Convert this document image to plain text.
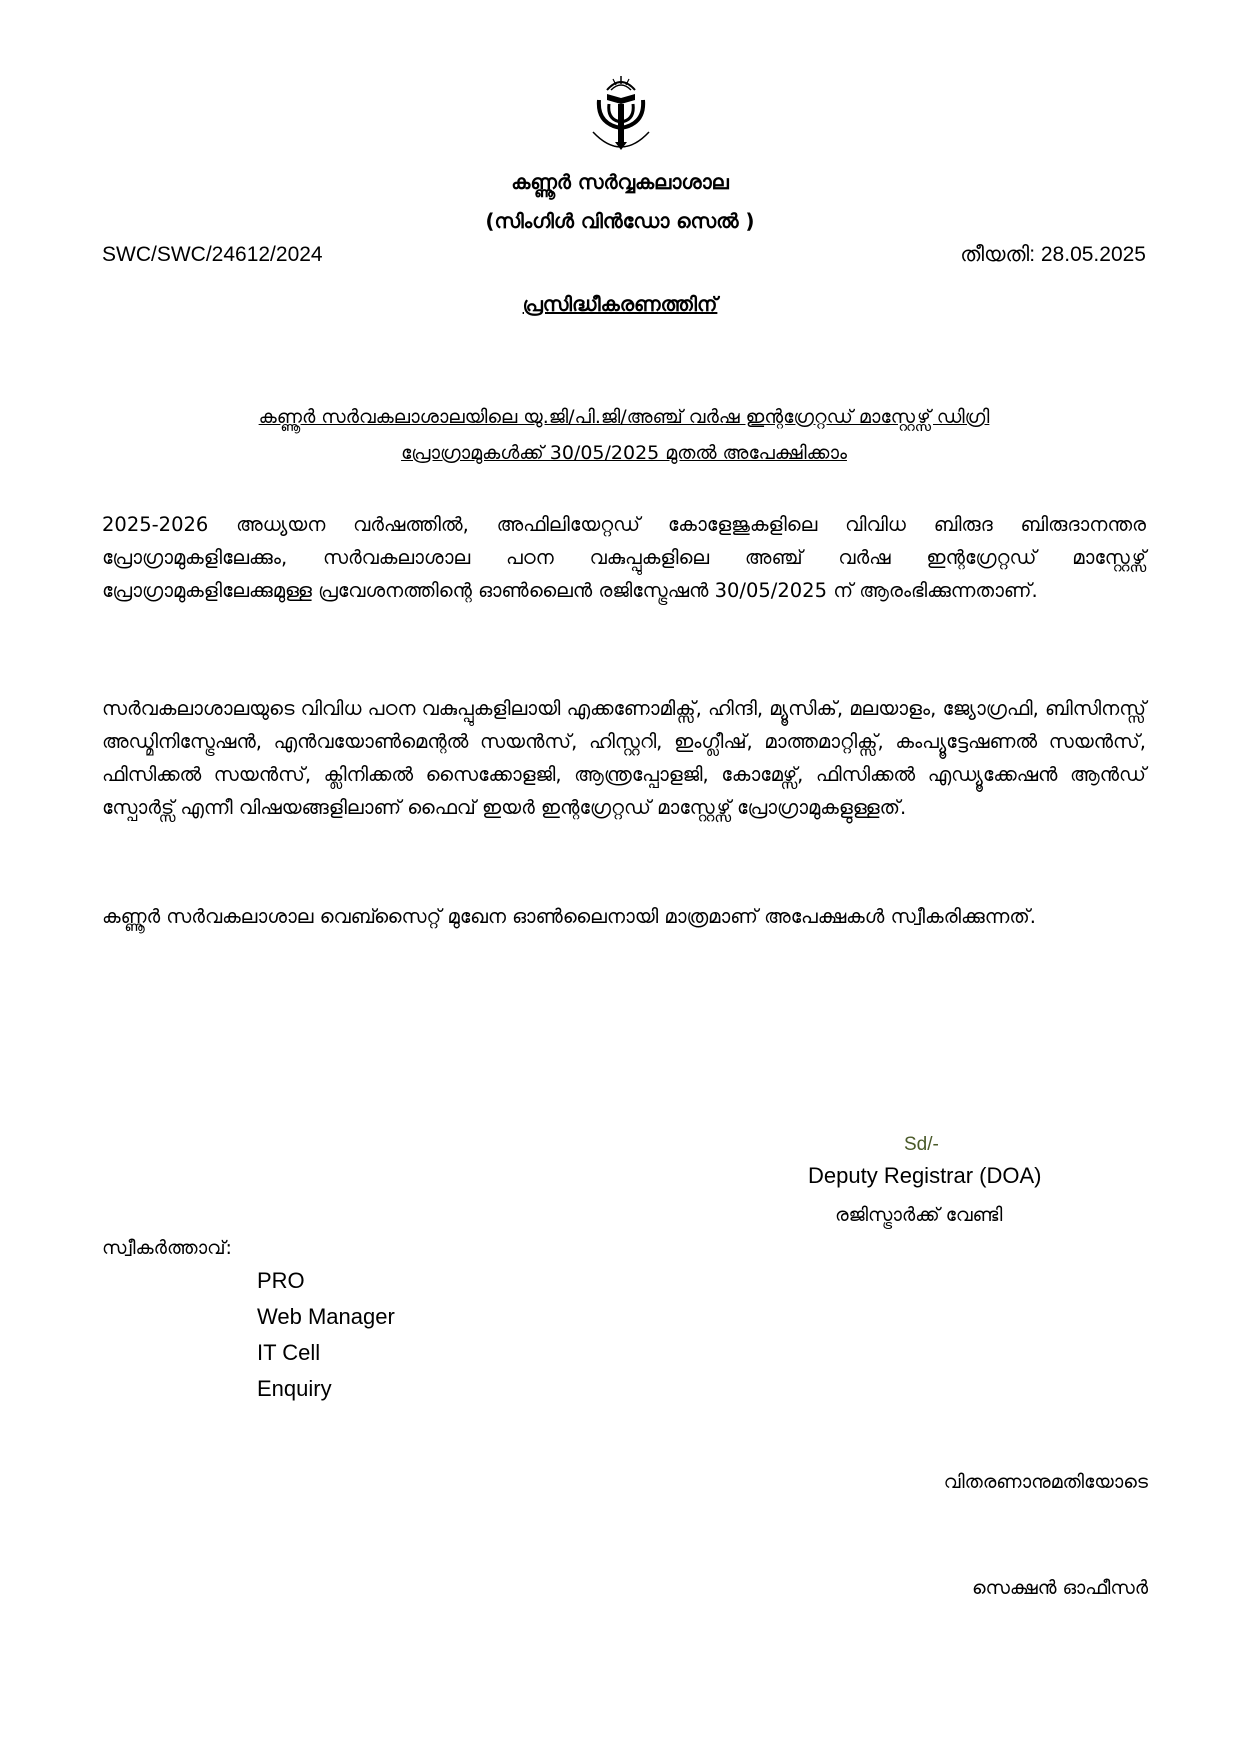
കണ്ണൂർ സർവ്വകലാശാല
(സിംഗിൾ വിൻഡോ സെൽ )
SWC/SWC/24612/2024	തീയതി: 28.05.2025
പ്രസിദ്ധീകരണത്തിന്
കണ്ണൂർ സർവകലാശാലയിലെ യു.ജി/പി.ജി/അഞ്ച് വർഷ ഇന്റഗ്രേറ്റഡ് മാസ്റ്റേഴ്സ് ഡിഗ്രി
പ്രോഗ്രാമുകൾക്ക് 30/05/2025 മുതൽ അപേക്ഷിക്കാം
2025-2026 അധ്യയന വർഷത്തിൽ, അഫിലിയേറ്റഡ് കോളേജുകളിലെ വിവിധ ബിരുദ ബിരുദാനന്തര പ്രോഗ്രാമുകളിലേക്കും, സർവകലാശാല പഠന വകുപ്പുകളിലെ അഞ്ച് വർഷ ഇന്റഗ്രേറ്റഡ് മാസ്റ്റേഴ്സ് പ്രോഗ്രാമുകളിലേക്കുമുള്ള പ്രവേശനത്തിന്റെ ഓൺലൈൻ രജിസ്ട്രേഷൻ 30/05/2025 ന് ആരംഭിക്കുന്നതാണ്.
സർവകലാശാലയുടെ വിവിധ പഠന വകുപ്പുകളിലായി എക്കണോമിക്സ്, ഹിന്ദി, മ്യൂസിക്, മലയാളം, ജ്യോഗ്രഫി, ബിസിനസ്സ് അഡ്മിനിസ്ട്രേഷൻ, എൻവയോൺമെന്റൽ സയൻസ്, ഹിസ്റ്ററി, ഇംഗ്ലീഷ്, മാത്തമാറ്റിക്സ്, കംപ്യൂട്ടേഷണൽ സയൻസ്, ഫിസിക്കൽ സയൻസ്, ക്ലിനിക്കൽ സൈക്കോളജി, ആന്ത്രപ്പോളജി, കോമേഴ്സ്, ഫിസിക്കൽ എഡ്യൂക്കേഷൻ ആൻഡ് സ്പോർട്സ് എന്നീ വിഷയങ്ങളിലാണ് ഫൈവ് ഇയർ ഇന്റഗ്രേറ്റഡ് മാസ്റ്റേഴ്സ് പ്രോഗ്രാമുകളുള്ളത്.
കണ്ണൂർ സർവകലാശാല വെബ്സൈറ്റ് മുഖേന ഓൺലൈനായി മാത്രമാണ് അപേക്ഷകൾ സ്വീകരിക്കുന്നത്.
Sd/-
Deputy Registrar (DOA)
രജിസ്ട്രാർക്ക് വേണ്ടി
സ്വീകർത്താവ്:
PRO
Web Manager
IT Cell
Enquiry
വിതരണാനുമതിയോടെ
സെക്ഷൻ ഓഫീസർ
